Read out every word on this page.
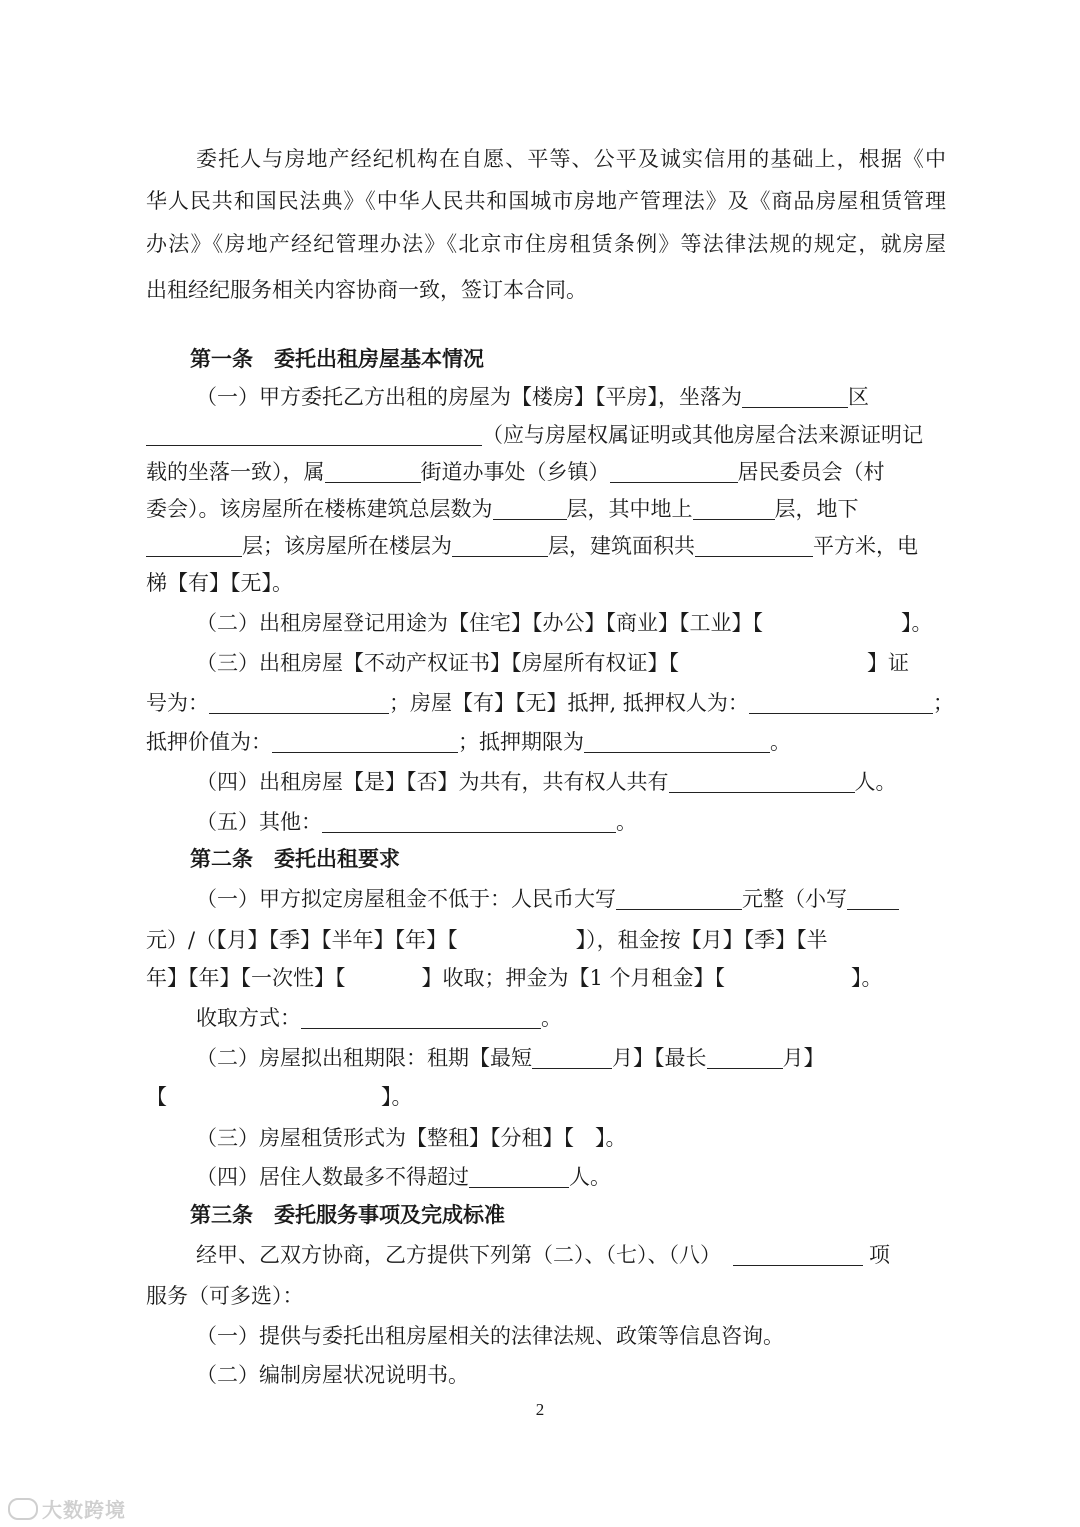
委托人与房地产经纪机构在自愿、平等、公平及诚实信用的基础上，根据《中
华人民共和国民法典》《中华人民共和国城市房地产管理法》及《商品房屋租赁管理
办法》《房地产经纪管理办法》《北京市住房租赁条例》等法律法规的规定，就房屋
出租经纪服务相关内容协商一致，签订本合同。
第一条　委托出租房屋基本情况
（一）甲方委托乙方出租的房屋为【楼房】【平房】，坐落为	区
（应与房屋权属证明或其他房屋合法来源证明记
载的坐落一致），属	街道办事处（乡镇）	居民委员会（村
委会）。该房屋所在楼栋建筑总层数为	层，其中地上	层，地下
层；该房屋所在楼层为	层，建筑面积共	平方米，电
梯【有】【无】。
（二）出租房屋登记用途为【住宅】【办公】【商业】【工业】【	】。
（三）出租房屋【不动产权证书】【房屋所有权证】【	】证
号为：	；房屋【有】【无】抵押, 抵押权人为：	；
抵押价值为：	；抵押期限为	。
（四）出租房屋【是】【否】为共有，共有权人共有	人。
（五）其他：	。
第二条　委托出租要求
（一）甲方拟定房屋租金不低于：人民币大写	元整（小写
元）/（【月】【季】【半年】【年】【	】），租金按【月】【季】【半
年】【年】【一次性】【	】收取；押金为【1 个月租金】【	】。
收取方式：	。
（二）房屋拟出租期限：租期【最短	月】【最长	月】
【	】。
（三）房屋租赁形式为【整租】【分租】【　】。
（四）居住人数最多不得超过	人。
第三条　委托服务事项及完成标准
经甲、乙双方协商，乙方提供下列第（二）、（七）、（八）	项
服务（可多选）：
（一）提供与委托出租房屋相关的法律法规、政策等信息咨询。
（二）编制房屋状况说明书。
2
大数跨境
